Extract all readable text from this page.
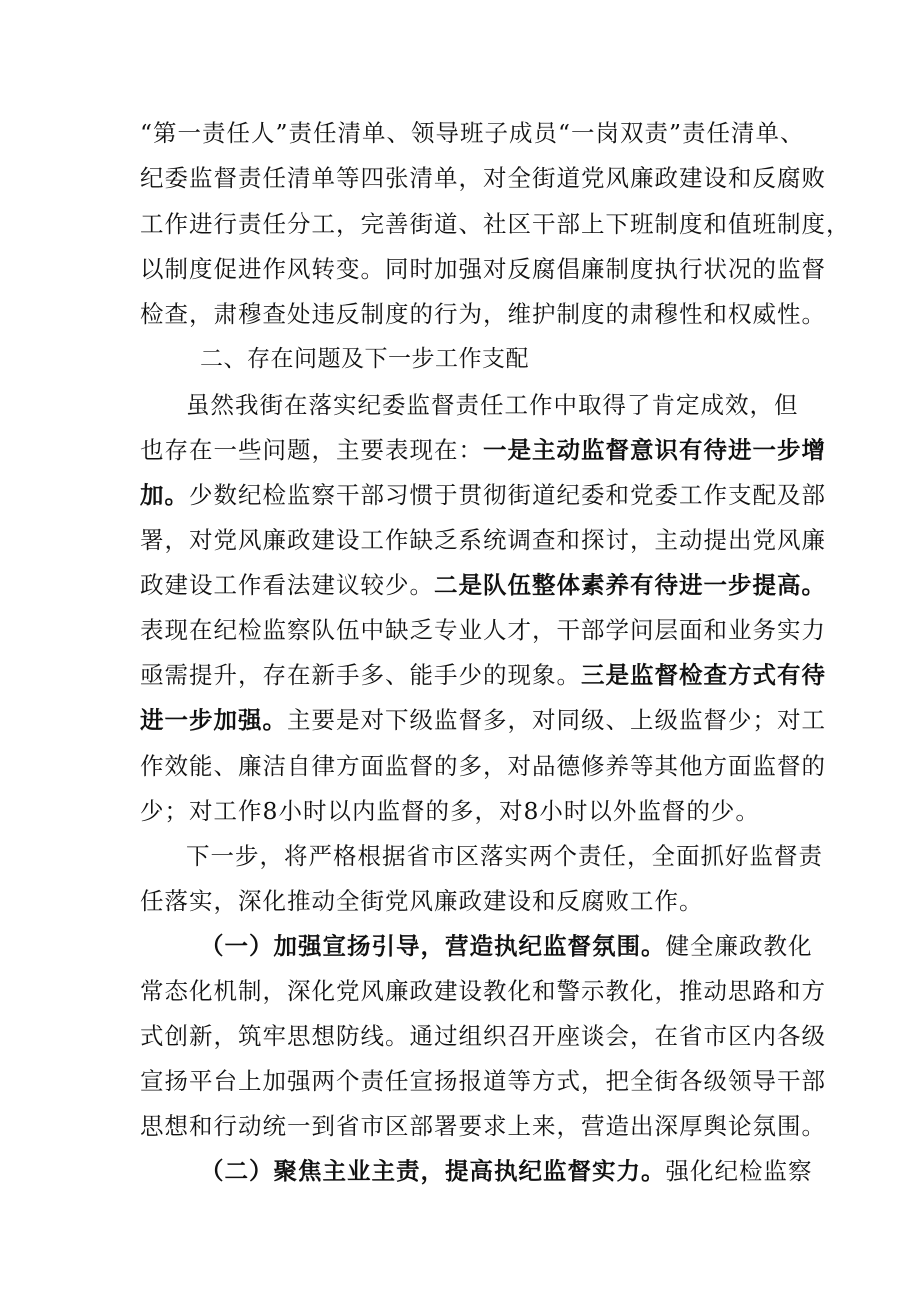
“第一责任人”责任清单、领导班子成员“一岗双责”责任清单、
纪委监督责任清单等四张清单，对全街道党风廉政建设和反腐败
工作进行责任分工，完善街道、社区干部上下班制度和值班制度，
以制度促进作风转变。同时加强对反腐倡廉制度执行状况的监督
检查，肃穆查处违反制度的行为，维护制度的肃穆性和权威性。
二、存在问题及下一步工作支配
虽然我街在落实纪委监督责任工作中取得了肯定成效，但
也存在一些问题，主要表现在：一是主动监督意识有待进一步增
加。少数纪检监察干部习惯于贯彻街道纪委和党委工作支配及部
署，对党风廉政建设工作缺乏系统调查和探讨，主动提出党风廉
政建设工作看法建议较少。二是队伍整体素养有待进一步提高。
表现在纪检监察队伍中缺乏专业人才，干部学问层面和业务实力
亟需提升，存在新手多、能手少的现象。三是监督检查方式有待
进一步加强。主要是对下级监督多，对同级、上级监督少；对工
作效能、廉洁自律方面监督的多，对品德修养等其他方面监督的
少；对工作8小时以内监督的多，对8小时以外监督的少。
下一步，将严格根据省市区落实两个责任，全面抓好监督责
任落实，深化推动全街党风廉政建设和反腐败工作。
（一）加强宣扬引导，营造执纪监督氛围。健全廉政教化
常态化机制，深化党风廉政建设教化和警示教化，推动思路和方
式创新，筑牢思想防线。通过组织召开座谈会，在省市区内各级
宣扬平台上加强两个责任宣扬报道等方式，把全街各级领导干部
思想和行动统一到省市区部署要求上来，营造出深厚舆论氛围。
（二）聚焦主业主责，提高执纪监督实力。强化纪检监察
